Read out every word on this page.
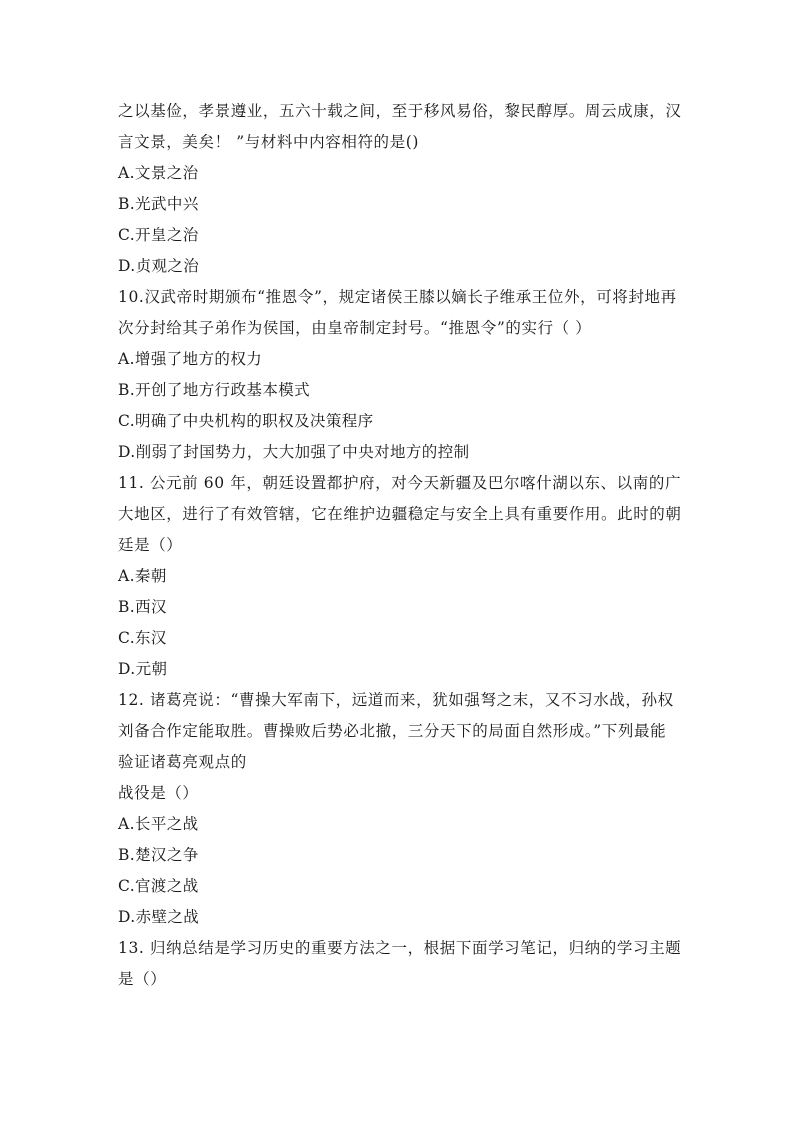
之以基俭，孝景遵业，五六十载之间，至于移风易俗，黎民醇厚。周云成康，汉
言文景，美矣！ ”与材料中内容相符的是()
A.文景之治
B.光武中兴
C.开皇之治
D.贞观之治
10.汉武帝时期颁布“推恩令”，规定诸侯王膝以嫡长子维承王位外，可将封地再
次分封给其子弟作为侯国，由皇帝制定封号。“推恩令”的实行（ ）
A.增强了地方的权力
B.开创了地方行政基本模式
C.明确了中央机构的职权及决策程序
D.削弱了封国势力，大大加强了中央对地方的控制
11. 公元前 60 年，朝廷设置都护府，对今天新疆及巴尔喀什湖以东、以南的广
大地区，进行了有效管辖，它在维护边疆稳定与安全上具有重要作用。此时的朝
廷是（）
A.秦朝
B.西汉
C.东汉
D.元朝
12. 诸葛亮说：“曹操大军南下，远道而来，犹如强弩之末，又不习水战，孙权
刘备合作定能取胜。曹操败后势必北撤，三分天下的局面自然形成。”下列最能
验证诸葛亮观点的
战役是（）
A.长平之战
B.楚汉之争
C.官渡之战
D.赤壁之战
13. 归纳总结是学习历史的重要方法之一，根据下面学习笔记，归纳的学习主题
是（）
